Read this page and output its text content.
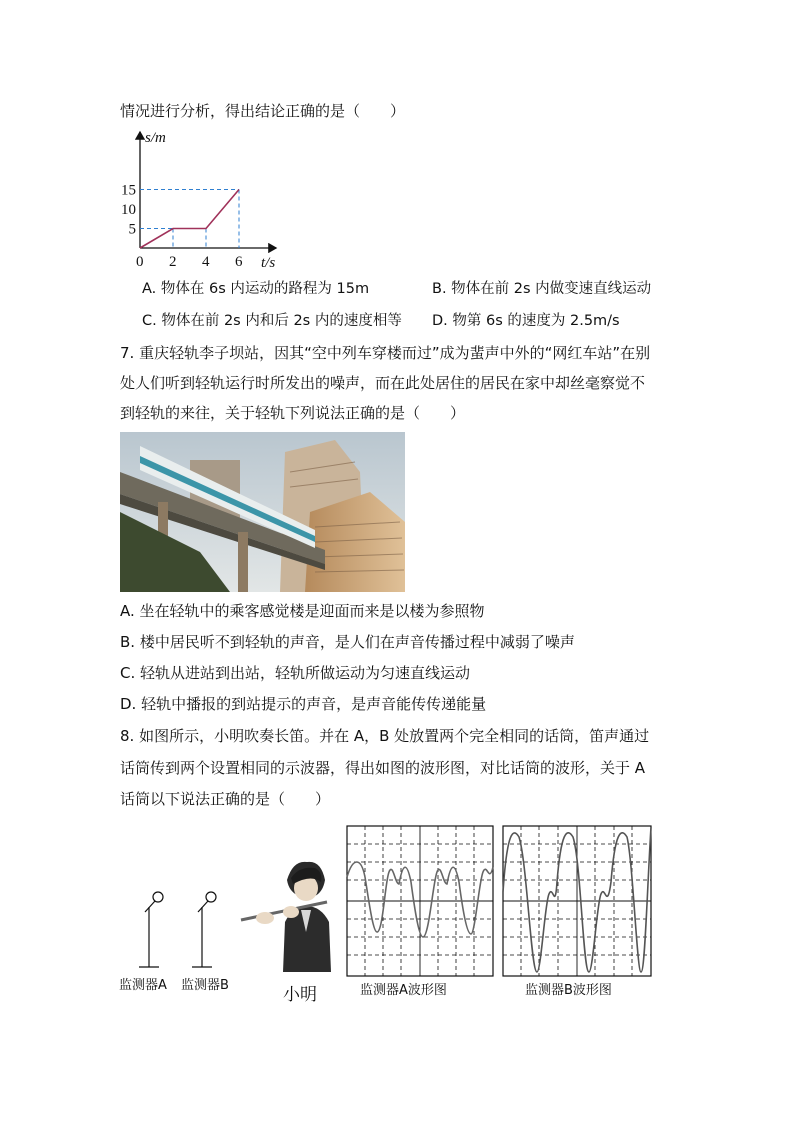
情况进行分析，得出结论正确的是（　　）
0 2 4 6
15
10
5
s/m
t/s
A. 物体在 6s 内运动的路程为 15m	B. 物体在前 2s 内做变速直线运动
C. 物体在前 2s 内和后 2s 内的速度相等 D. 物第 6s 的速度为 2.5m/s
7. 重庆轻轨李子坝站，因其“空中列车穿楼而过”成为蜚声中外的“网红车站”在别
处人们听到轻轨运行时所发出的噪声，而在此处居住的居民在家中却丝毫察觉不
到轻轨的来往，关于轻轨下列说法正确的是（　　）
A. 坐在轻轨中的乘客感觉楼是迎面而来是以楼为参照物
B. 楼中居民听不到轻轨的声音，是人们在声音传播过程中减弱了噪声
C. 轻轨从进站到出站，轻轨所做运动为匀速直线运动
D. 轻轨中播报的到站提示的声音，是声音能传传递能量
8. 如图所示，小明吹奏长笛。并在 A，B 处放置两个完全相同的话筒，笛声通过
话筒传到两个设置相同的示波器，得出如图的波形图，对比话筒的波形，关于 A
话筒以下说法正确的是（　　）
监测器A 监测器B	小明	监测器A波形图	监测器B波形图
